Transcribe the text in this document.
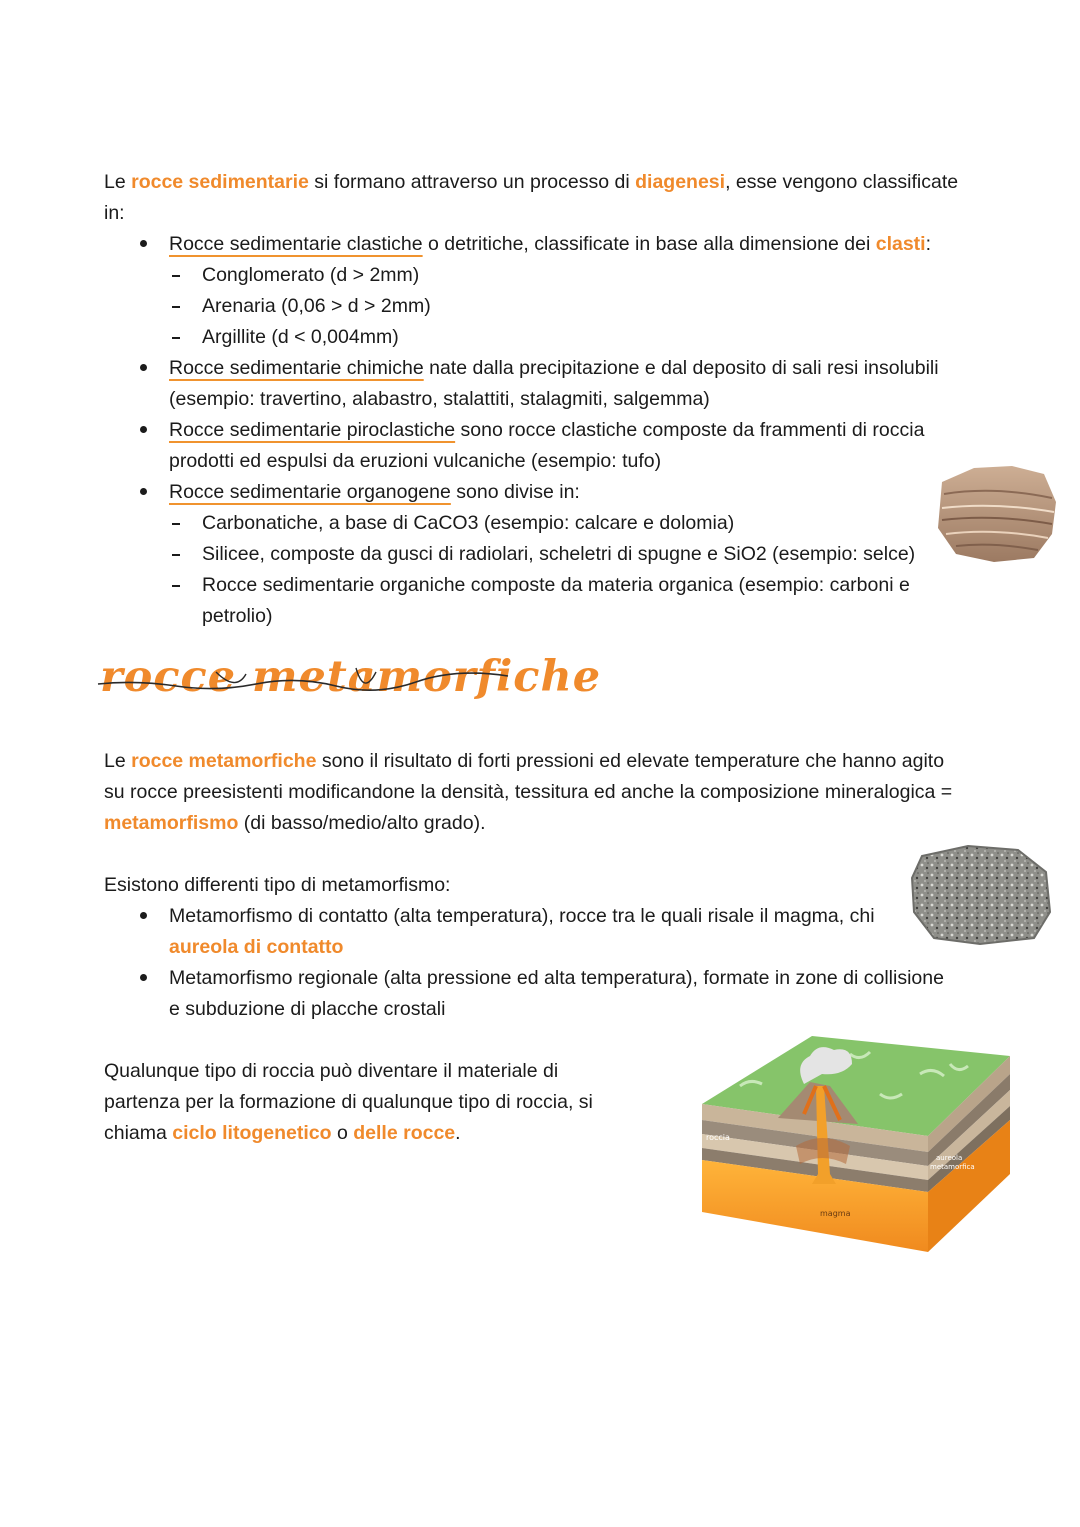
Le rocce sedimentarie si formano attraverso un processo di diagenesi, esse vengono classificate
in:
Rocce sedimentarie clastiche o detritiche, classificate in base alla dimensione dei clasti:
Conglomerato (d > 2mm)
Arenaria (0,06 > d > 2mm)
Argillite (d < 0,004mm)
Rocce sedimentarie chimiche nate dalla precipitazione e dal deposito di sali resi insolubili
(esempio: travertino, alabastro, stalattiti, stalagmiti, salgemma)
Rocce sedimentarie piroclastiche sono rocce clastiche composte da frammenti di roccia
prodotti ed espulsi da eruzioni vulcaniche (esempio: tufo)
Rocce sedimentarie organogene sono divise in:
Carbonatiche, a base di CaCO3 (esempio: calcare e dolomia)
Silicee, composte da gusci di radiolari, scheletri di spugne e SiO2 (esempio: selce)
Rocce sedimentarie organiche composte da materia organica (esempio: carboni e
petrolio)
rocce metamorfiche
Le rocce metamorfiche sono il risultato di forti pressioni ed elevate temperature che hanno agito
su rocce preesistenti modificandone la densità, tessitura ed anche la composizione mineralogica =
metamorfismo (di basso/medio/alto grado).
Esistono differenti tipo di metamorfismo:
Metamorfismo di contatto (alta temperatura), rocce tra le quali risale il magma, chi
aureola di contatto
Metamorfismo regionale (alta pressione ed alta temperatura), formate in zone di collisione
e subduzione di placche crostali
Qualunque tipo di roccia può diventare il materiale di
partenza per la formazione di qualunque tipo di roccia, si
chiama ciclo litogenetico o delle rocce.	roccia
aureola
metamorfica
magma
